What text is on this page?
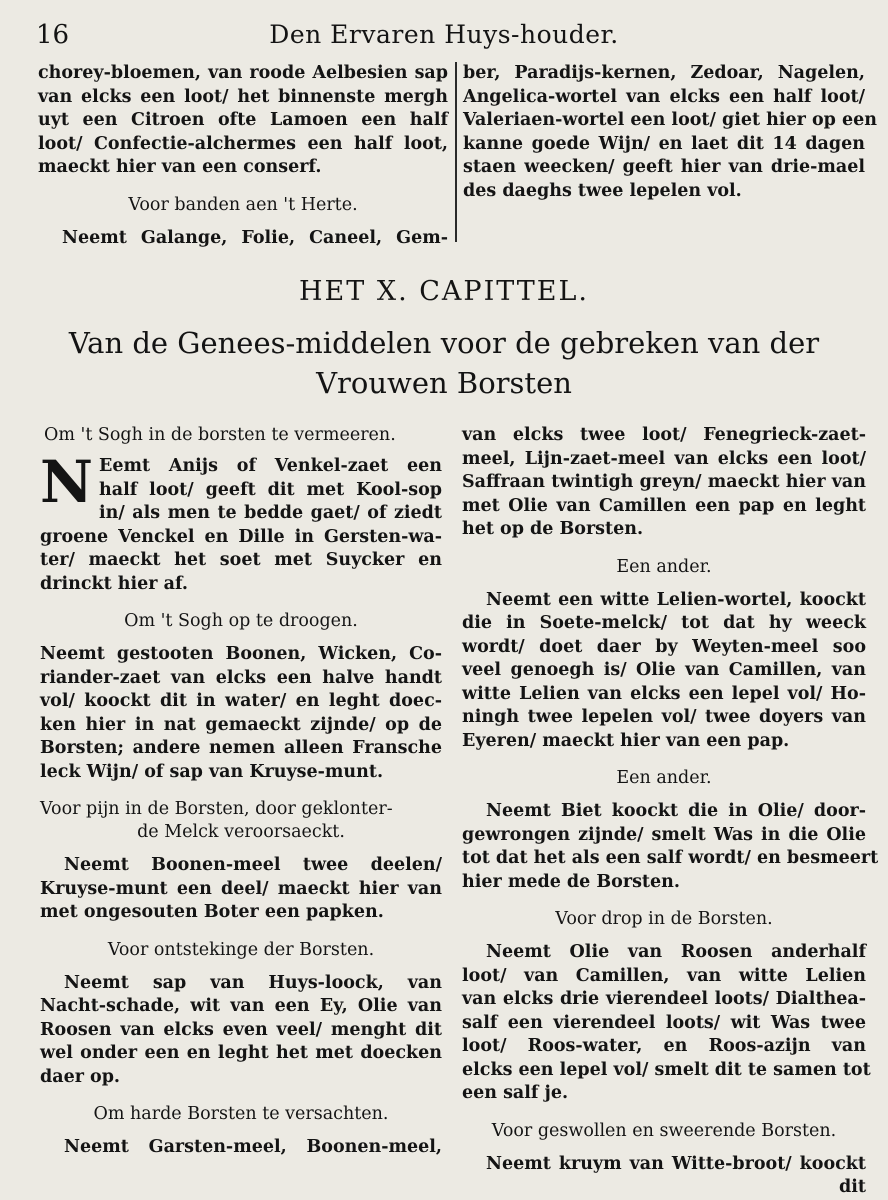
16	Den Ervaren Huys-houder.

chorey-bloemen, van roode Aelbesien sap

van elcks een loot/ het binnenste mergh

uyt een Citroen ofte Lamoen een half

loot/ Confectie-alchermes een half loot,

maeckt hier van een conserf.

Voor banden aen 't Herte.

Neemt Galange, Folie, Caneel, Gem-

ber, Paradijs-kernen, Zedoar, Nagelen,

Angelica-wortel van elcks een half loot/

Valeriaen-wortel een loot/ giet hier op een

kanne goede Wijn/ en laet dit 14 dagen

staen weecken/ geeft hier van drie-mael

des daeghs twee lepelen vol.

HET X. CAPITTEL.
Van de Genees-middelen voor de gebreken van der
Vrouwen Borsten

Om 't Sogh in de borsten te vermeeren.

N Eemt Anijs of Venkel-zaet een

half loot/ geeft dit met Kool-sop

in/ als men te bedde gaet/ of ziedt

groene Venckel en Dille in Gersten-wa-

ter/ maeckt het soet met Suycker en

drinckt hier af.

Om 't Sogh op te droogen.

Neemt gestooten Boonen, Wicken, Co-

riander-zaet van elcks een halve handt

vol/ koockt dit in water/ en leght doec-

ken hier in nat gemaeckt zijnde/ op de

Borsten; andere nemen alleen Fransche

leck Wijn/ of sap van Kruyse-munt.

Voor pijn in de Borsten, door geklonter-

de Melck veroorsaeckt.

Neemt Boonen-meel twee deelen/

Kruyse-munt een deel/ maeckt hier van

met ongesouten Boter een papken.

Voor ontstekinge der Borsten.

Neemt sap van Huys-loock, van

Nacht-schade, wit van een Ey, Olie van

Roosen van elcks even veel/ menght dit

wel onder een en leght het met doecken

daer op.

Om harde Borsten te versachten.

Neemt Garsten-meel, Boonen-meel,

van elcks twee loot/ Fenegrieck-zaet-

meel, Lijn-zaet-meel van elcks een loot/

Saffraan twintigh greyn/ maeckt hier van

met Olie van Camillen een pap en leght

het op de Borsten.

Een ander.

Neemt een witte Lelien-wortel, koockt

die in Soete-melck/ tot dat hy weeck

wordt/ doet daer by Weyten-meel soo

veel genoegh is/ Olie van Camillen, van

witte Lelien van elcks een lepel vol/ Ho-

ningh twee lepelen vol/ twee doyers van

Eyeren/ maeckt hier van een pap.

Een ander.

Neemt Biet koockt die in Olie/ door-

gewrongen zijnde/ smelt Was in die Olie

tot dat het als een salf wordt/ en besmeert

hier mede de Borsten.

Voor drop in de Borsten.

Neemt Olie van Roosen anderhalf

loot/ van Camillen, van witte Lelien

van elcks drie vierendeel loots/ Dialthea-

salf een vierendeel loots/ wit Was twee

loot/ Roos-water, en Roos-azijn van

elcks een lepel vol/ smelt dit te samen tot

een salf je.

Voor geswollen en sweerende Borsten.

Neemt kruym van Witte-broot/ koockt

dit
